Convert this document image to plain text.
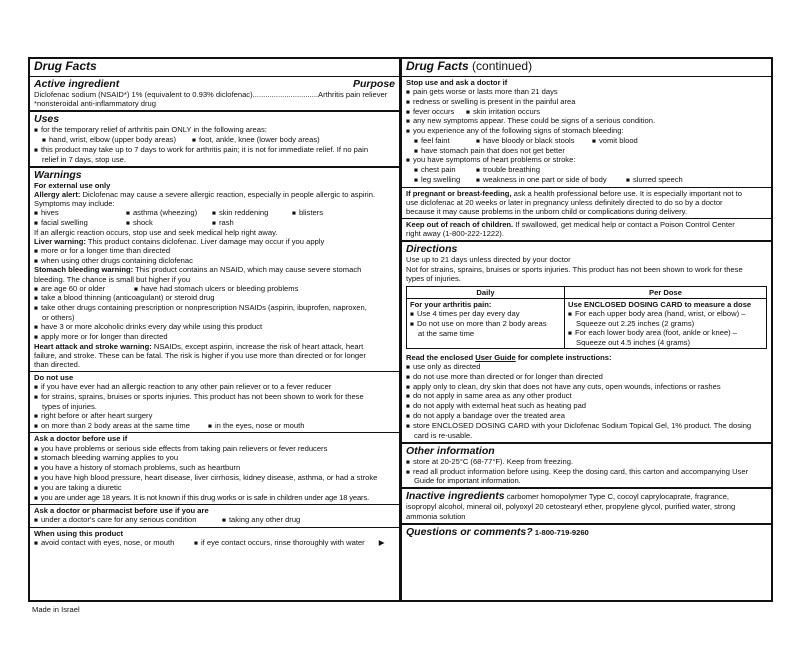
Drug Facts
Active ingredient	Purpose
Diclofenac sodium (NSAID*) 1% (equivalent to 0.93% diclofenac)...............................Arthritis pain reliever
*nonsteroidal anti-inflammatory drug
Uses
■ for the temporary relief of arthritis pain ONLY in the following areas:
■ hand, wrist, elbow (upper body areas)	■ foot, ankle, knee (lower body areas)
■ this product may take up to 7 days to work for arthritis pain; it is not for immediate relief. If no pain
relief in 7 days, stop use.
Warnings
For external use only
Allergy alert: Diclofenac may cause a severe allergic reaction, especially in people allergic to aspirin.
Symptoms may include:
■ hives	■ asthma (wheezing)	■ skin reddening	■ blisters
■ facial swelling	■ shock	■ rash
If an allergic reaction occurs, stop use and seek medical help right away.
Liver warning: This product contains diclofenac. Liver damage may occur if you apply
■ more or for a longer time than directed
■ when using other drugs containing diclofenac
Stomach bleeding warning: This product contains an NSAID, which may cause severe stomach
bleeding. The chance is small but higher if you
■ are age 60 or older	■ have had stomach ulcers or bleeding problems
■ take a blood thinning (anticoagulant) or steroid drug
■ take other drugs containing prescription or nonprescription NSAIDs (aspirin, ibuprofen, naproxen,
or others)
■ have 3 or more alcoholic drinks every day while using this product
■ apply more or for longer than directed
Heart attack and stroke warning: NSAIDs, except aspirin, increase the risk of heart attack, heart
failure, and stroke. These can be fatal. The risk is higher if you use more than directed or for longer
than directed.
Do not use
■ if you have ever had an allergic reaction to any other pain reliever or to a fever reducer
■ for strains, sprains, bruises or sports injuries. This product has not been shown to work for these
types of injuries.
■ right before or after heart surgery
■ on more than 2 body areas at the same time	■ in the eyes, nose or mouth
Ask a doctor before use if
■ you have problems or serious side effects from taking pain relievers or fever reducers
■ stomach bleeding warning applies to you
■ you have a history of stomach problems, such as heartburn
■ you have high blood pressure, heart disease, liver cirrhosis, kidney disease, asthma, or had a stroke
■ you are taking a diuretic
■ you are under age 18 years. It is not known if this drug works or is safe in children under age 18 years.
Ask a doctor or pharmacist before use if you are
■ under a doctor's care for any serious condition	■ taking any other drug
When using this product
■ avoid contact with eyes, nose, or mouth	■ if eye contact occurs, rinse thoroughly with water ▶
Drug Facts (continued)
Stop use and ask a doctor if
■ pain gets worse or lasts more than 21 days
■ redness or swelling is present in the painful area
■ fever occurs	■ skin irritation occurs
■ any new symptoms appear. These could be signs of a serious condition.
■ you experience any of the following signs of stomach bleeding:
■ feel faint	■ have bloody or black stools	■ vomit blood
■ have stomach pain that does not get better
■ you have symptoms of heart problems or stroke:
■ chest pain	■ trouble breathing
■ leg swelling	■ weakness in one part or side of body	■ slurred speech
If pregnant or breast-feeding, ask a health professional before use. It is especially important not to
use diclofenac at 20 weeks or later in pregnancy unless definitely directed to do so by a doctor
because it may cause problems in the unborn child or complications during delivery.
Keep out of reach of children. If swallowed, get medical help or contact a Poison Control Center
right away (1-800-222-1222).
Directions
Use up to 21 days unless directed by your doctor
Not for strains, sprains, bruises or sports injuries. This product has not been shown to work for these
types of injuries.
Daily	Per Dose
For your arthritis pain:
■ Use 4 times per day every day
■ Do not use on more than 2 body areas
at the same time
Use ENCLOSED DOSING CARD to measure a dose
■ For each upper body area (hand, wrist, or elbow) –
Squeeze out 2.25 inches (2 grams)
■ For each lower body area (foot, ankle or knee) –
Squeeze out 4.5 inches (4 grams)
Read the enclosed User Guide for complete instructions:
■ use only as directed
■ do not use more than directed or for longer than directed
■ apply only to clean, dry skin that does not have any cuts, open wounds, infections or rashes
■ do not apply in same area as any other product
■ do not apply with external heat such as heating pad
■ do not apply a bandage over the treated area
■ store ENCLOSED DOSING CARD with your Diclofenac Sodium Topical Gel, 1% product. The dosing
card is re-usable.
Other information
■ store at 20-25°C (68-77°F). Keep from freezing.
■ read all product information before using. Keep the dosing card, this carton and accompanying User
Guide for important information.
Inactive ingredients carbomer homopolymer Type C, cocoyl caprylocaprate, fragrance,
isopropyl alcohol, mineral oil, polyoxyl 20 cetostearyl ether, propylene glycol, purified water, strong
ammonia solution
Questions or comments? 1-800-719-9260
Made in Israel
